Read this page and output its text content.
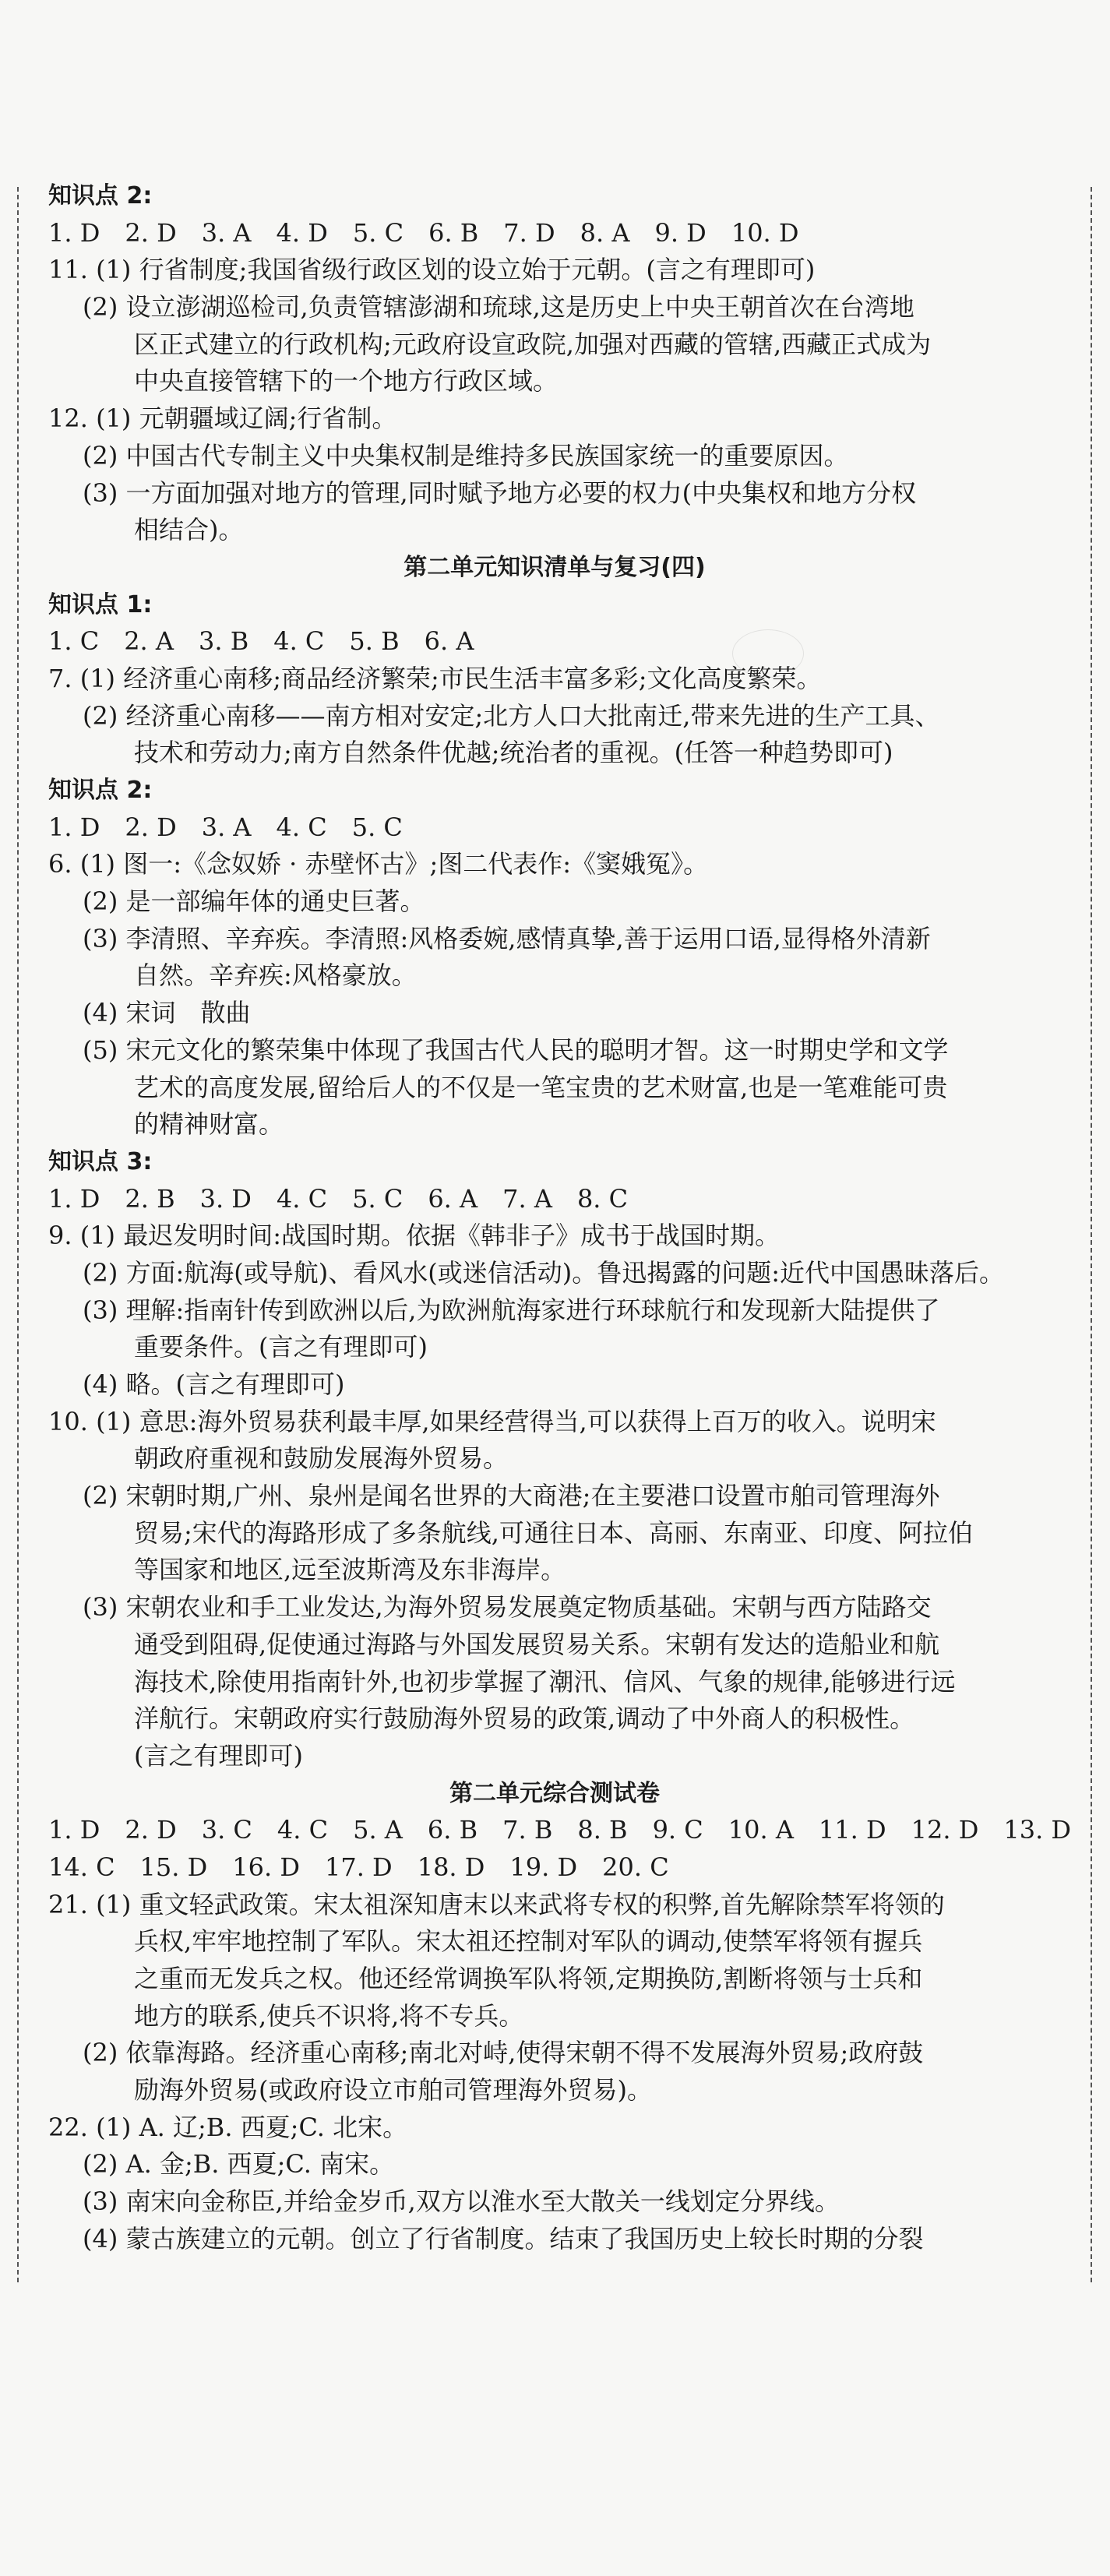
知识点 2:
1. D　2. D　3. A　4. D　5. C　6. B　7. D　8. A　9. D　10. D
11. (1) 行省制度;我国省级行政区划的设立始于元朝。(言之有理即可)
(2) 设立澎湖巡检司,负责管辖澎湖和琉球,这是历史上中央王朝首次在台湾地
区正式建立的行政机构;元政府设宣政院,加强对西藏的管辖,西藏正式成为
中央直接管辖下的一个地方行政区域。
12. (1) 元朝疆域辽阔;行省制。
(2) 中国古代专制主义中央集权制是维持多民族国家统一的重要原因。
(3) 一方面加强对地方的管理,同时赋予地方必要的权力(中央集权和地方分权
相结合)。
第二单元知识清单与复习(四)
知识点 1:
1. C　2. A　3. B　4. C　5. B　6. A
7. (1) 经济重心南移;商品经济繁荣;市民生活丰富多彩;文化高度繁荣。
(2) 经济重心南移——南方相对安定;北方人口大批南迁,带来先进的生产工具、
技术和劳动力;南方自然条件优越;统治者的重视。(任答一种趋势即可)
知识点 2:
1. D　2. D　3. A　4. C　5. C
6. (1) 图一:《念奴娇 · 赤壁怀古》;图二代表作:《窦娥冤》。
(2) 是一部编年体的通史巨著。
(3) 李清照、辛弃疾。李清照:风格委婉,感情真挚,善于运用口语,显得格外清新
自然。辛弃疾:风格豪放。
(4) 宋词　散曲
(5) 宋元文化的繁荣集中体现了我国古代人民的聪明才智。这一时期史学和文学
艺术的高度发展,留给后人的不仅是一笔宝贵的艺术财富,也是一笔难能可贵
的精神财富。
知识点 3:
1. D　2. B　3. D　4. C　5. C　6. A　7. A　8. C
9. (1) 最迟发明时间:战国时期。依据《韩非子》成书于战国时期。
(2) 方面:航海(或导航)、看风水(或迷信活动)。鲁迅揭露的问题:近代中国愚昧落后。
(3) 理解:指南针传到欧洲以后,为欧洲航海家进行环球航行和发现新大陆提供了
重要条件。(言之有理即可)
(4) 略。(言之有理即可)
10. (1) 意思:海外贸易获利最丰厚,如果经营得当,可以获得上百万的收入。说明宋
朝政府重视和鼓励发展海外贸易。
(2) 宋朝时期,广州、泉州是闻名世界的大商港;在主要港口设置市舶司管理海外
贸易;宋代的海路形成了多条航线,可通往日本、高丽、东南亚、印度、阿拉伯
等国家和地区,远至波斯湾及东非海岸。
(3) 宋朝农业和手工业发达,为海外贸易发展奠定物质基础。宋朝与西方陆路交
通受到阻碍,促使通过海路与外国发展贸易关系。宋朝有发达的造船业和航
海技术,除使用指南针外,也初步掌握了潮汛、信风、气象的规律,能够进行远
洋航行。宋朝政府实行鼓励海外贸易的政策,调动了中外商人的积极性。
(言之有理即可)
第二单元综合测试卷
1. D　2. D　3. C　4. C　5. A　6. B　7. B　8. B　9. C　10. A　11. D　12. D　13. D
14. C　15. D　16. D　17. D　18. D　19. D　20. C
21. (1) 重文轻武政策。宋太祖深知唐末以来武将专权的积弊,首先解除禁军将领的
兵权,牢牢地控制了军队。宋太祖还控制对军队的调动,使禁军将领有握兵
之重而无发兵之权。他还经常调换军队将领,定期换防,割断将领与士兵和
地方的联系,使兵不识将,将不专兵。
(2) 依靠海路。经济重心南移;南北对峙,使得宋朝不得不发展海外贸易;政府鼓
励海外贸易(或政府设立市舶司管理海外贸易)。
22. (1) A. 辽;B. 西夏;C. 北宋。
(2) A. 金;B. 西夏;C. 南宋。
(3) 南宋向金称臣,并给金岁币,双方以淮水至大散关一线划定分界线。
(4) 蒙古族建立的元朝。创立了行省制度。结束了我国历史上较长时期的分裂
